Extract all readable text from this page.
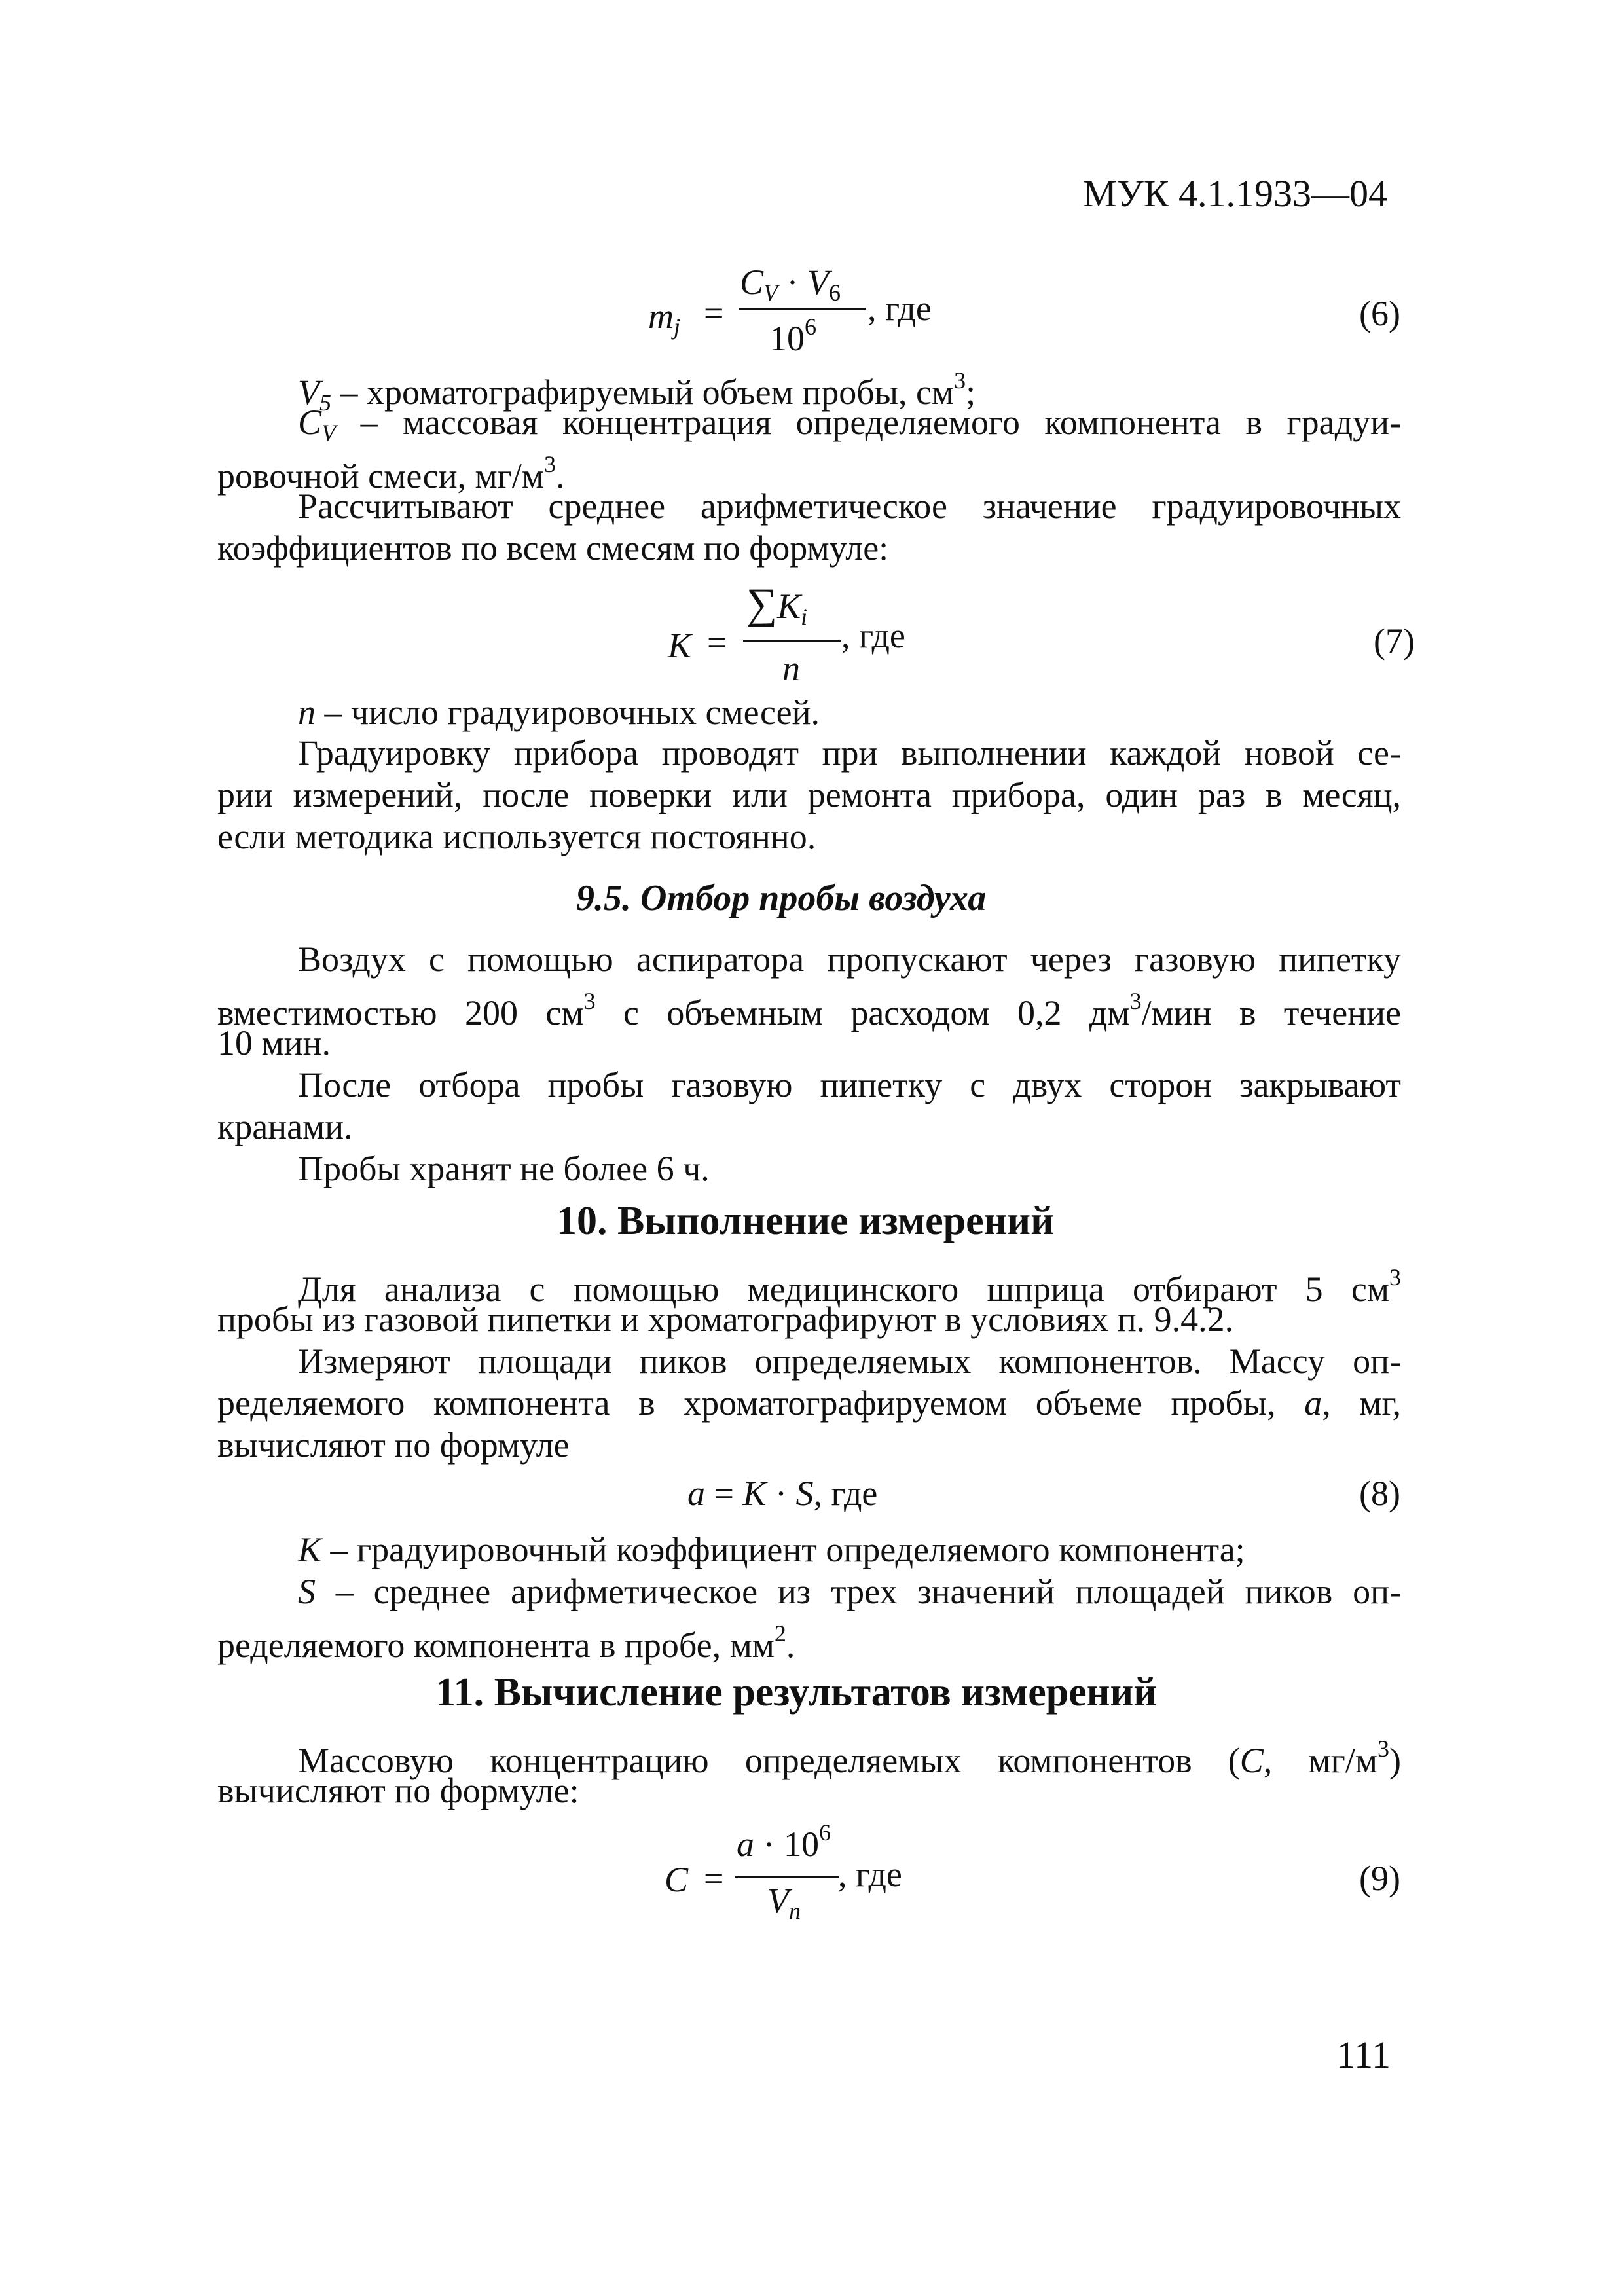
МУК 4.1.1933—04
$m_j$ =
$C_V \cdot V_6$
$10^6$ , где	(6)
$V_5$ – хроматографируемый объем пробы, $см^3$;
$C_V$ – массовая концентрация определяемого компонента в градуи-
ровочной смеси, $мг/м^3$.
Рассчитывают среднее арифметическое значение градуировочных
коэффициентов по всем смесям по формуле:
K =
$\sum K_i$
n
, где	(7)
n – число градуировочных смесей.
Градуировку прибора проводят при выполнении каждой новой се-
рии измерений, после поверки или ремонта прибора, один раз в месяц,
если методика используется постоянно.
9.5. Отбор пробы воздуха
Воздух с помощью аспиратора пропускают через газовую пипетку
вместимостью 200 $см^3$ с объемным расходом 0,2 $дм^3$/мин в течение
10 мин.
После отбора пробы газовую пипетку с двух сторон закрывают
кранами.
Пробы хранят не более 6 ч.
10. Выполнение измерений
Для анализа с помощью медицинского шприца отбирают 5 $см^3$
пробы из газовой пипетки и хроматографируют в условиях п. 9.4.2.
Измеряют площади пиков определяемых компонентов. Массу оп-
ределяемого компонента в хроматографируемом объеме пробы, a, мг,
вычисляют по формуле
a = K · S, где	(8)
K – градуировочный коэффициент определяемого компонента;
S – среднее арифметическое из трех значений площадей пиков оп-
ределяемого компонента в пробе, $мм^2$.
11. Вычисление результатов измерений
Массовую концентрацию определяемых компонентов (C, $мг/м^3$)
вычисляют по формуле:
C =
$a \cdot 10^6$
$V_n$
, где	(9)
111
